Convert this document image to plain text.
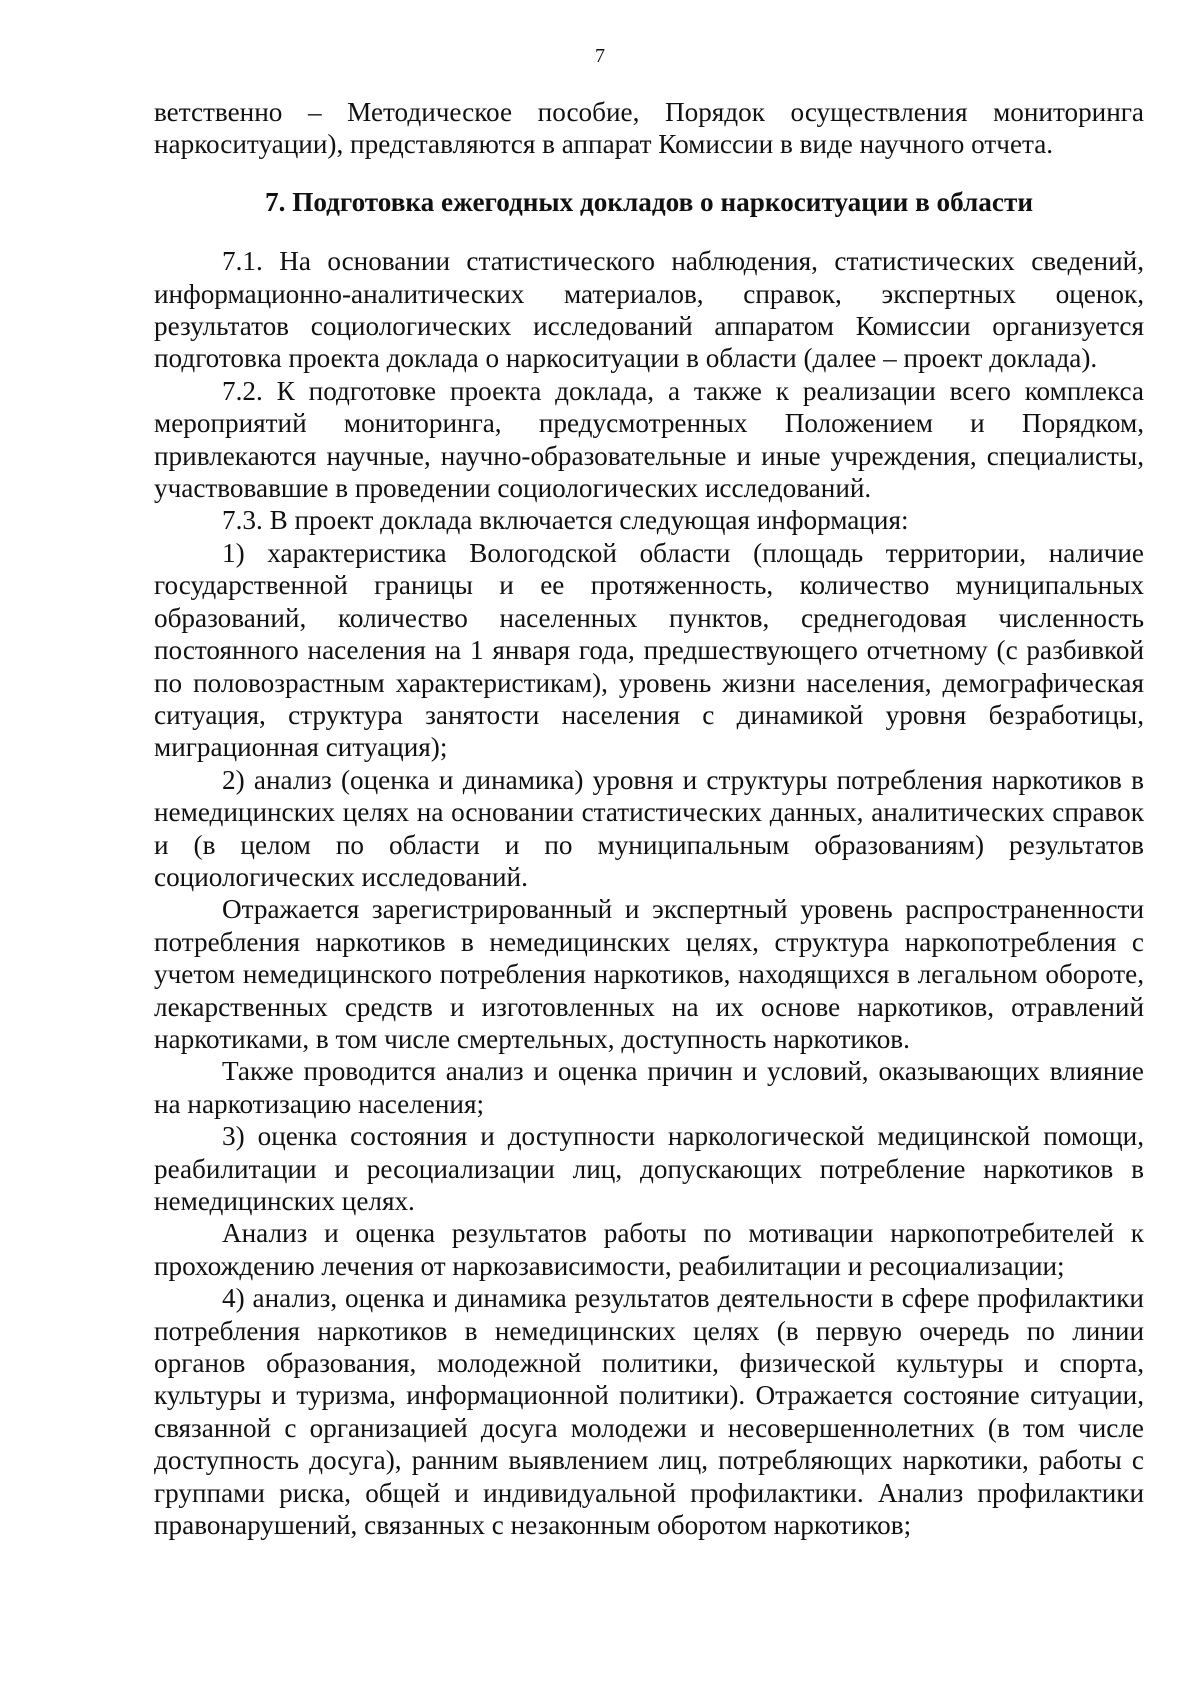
7

ветственно – Методическое пособие, Порядок осуществления мониторинга наркоситуации), представляются в аппарат Комиссии в виде научного отчета.

7. Подготовка ежегодных докладов о наркоситуации в области

7.1. На основании статистического наблюдения, статистических сведений, информационно-аналитических материалов, справок, экспертных оценок, результатов социологических исследований аппаратом Комиссии организуется подготовка проекта доклада о наркоситуации в области (далее – проект доклада).

7.2. К подготовке проекта доклада, а также к реализации всего комплекса мероприятий мониторинга, предусмотренных Положением и Порядком, привлекаются научные, научно-образовательные и иные учреждения, специалисты, участвовавшие в проведении социологических исследований.

7.3. В проект доклада включается следующая информация:

1) характеристика Вологодской области (площадь территории, наличие государственной границы и ее протяженность, количество муниципальных образований, количество населенных пунктов, среднегодовая численность постоянного населения на 1 января года, предшествующего отчетному (с разбивкой по половозрастным характеристикам), уровень жизни населения, демографическая ситуация, структура занятости населения с динамикой уровня безработицы, миграционная ситуация);

2) анализ (оценка и динамика) уровня и структуры потребления наркотиков в немедицинских целях на основании статистических данных, аналитических справок и (в целом по области и по муниципальным образованиям) результатов социологических исследований.

Отражается зарегистрированный и экспертный уровень распространенности потребления наркотиков в немедицинских целях, структура наркопотребления с учетом немедицинского потребления наркотиков, находящихся в легальном обороте, лекарственных средств и изготовленных на их основе наркотиков, отравлений наркотиками, в том числе смертельных, доступность наркотиков.

Также проводится анализ и оценка причин и условий, оказывающих влияние на наркотизацию населения;

3) оценка состояния и доступности наркологической медицинской помощи, реабилитации и ресоциализации лиц, допускающих потребление наркотиков в немедицинских целях.

Анализ и оценка результатов работы по мотивации наркопотребителей к прохождению лечения от наркозависимости, реабилитации и ресоциализации;

4) анализ, оценка и динамика результатов деятельности в сфере профилактики потребления наркотиков в немедицинских целях (в первую очередь по линии органов образования, молодежной политики, физической культуры и спорта, культуры и туризма, информационной политики). Отражается состояние ситуации, связанной с организацией досуга молодежи и несовершеннолетних (в том числе доступность досуга), ранним выявлением лиц, потребляющих наркотики, работы с группами риска, общей и индивидуальной профилактики. Анализ профилактики правонарушений, связанных с незаконным оборотом наркотиков;
